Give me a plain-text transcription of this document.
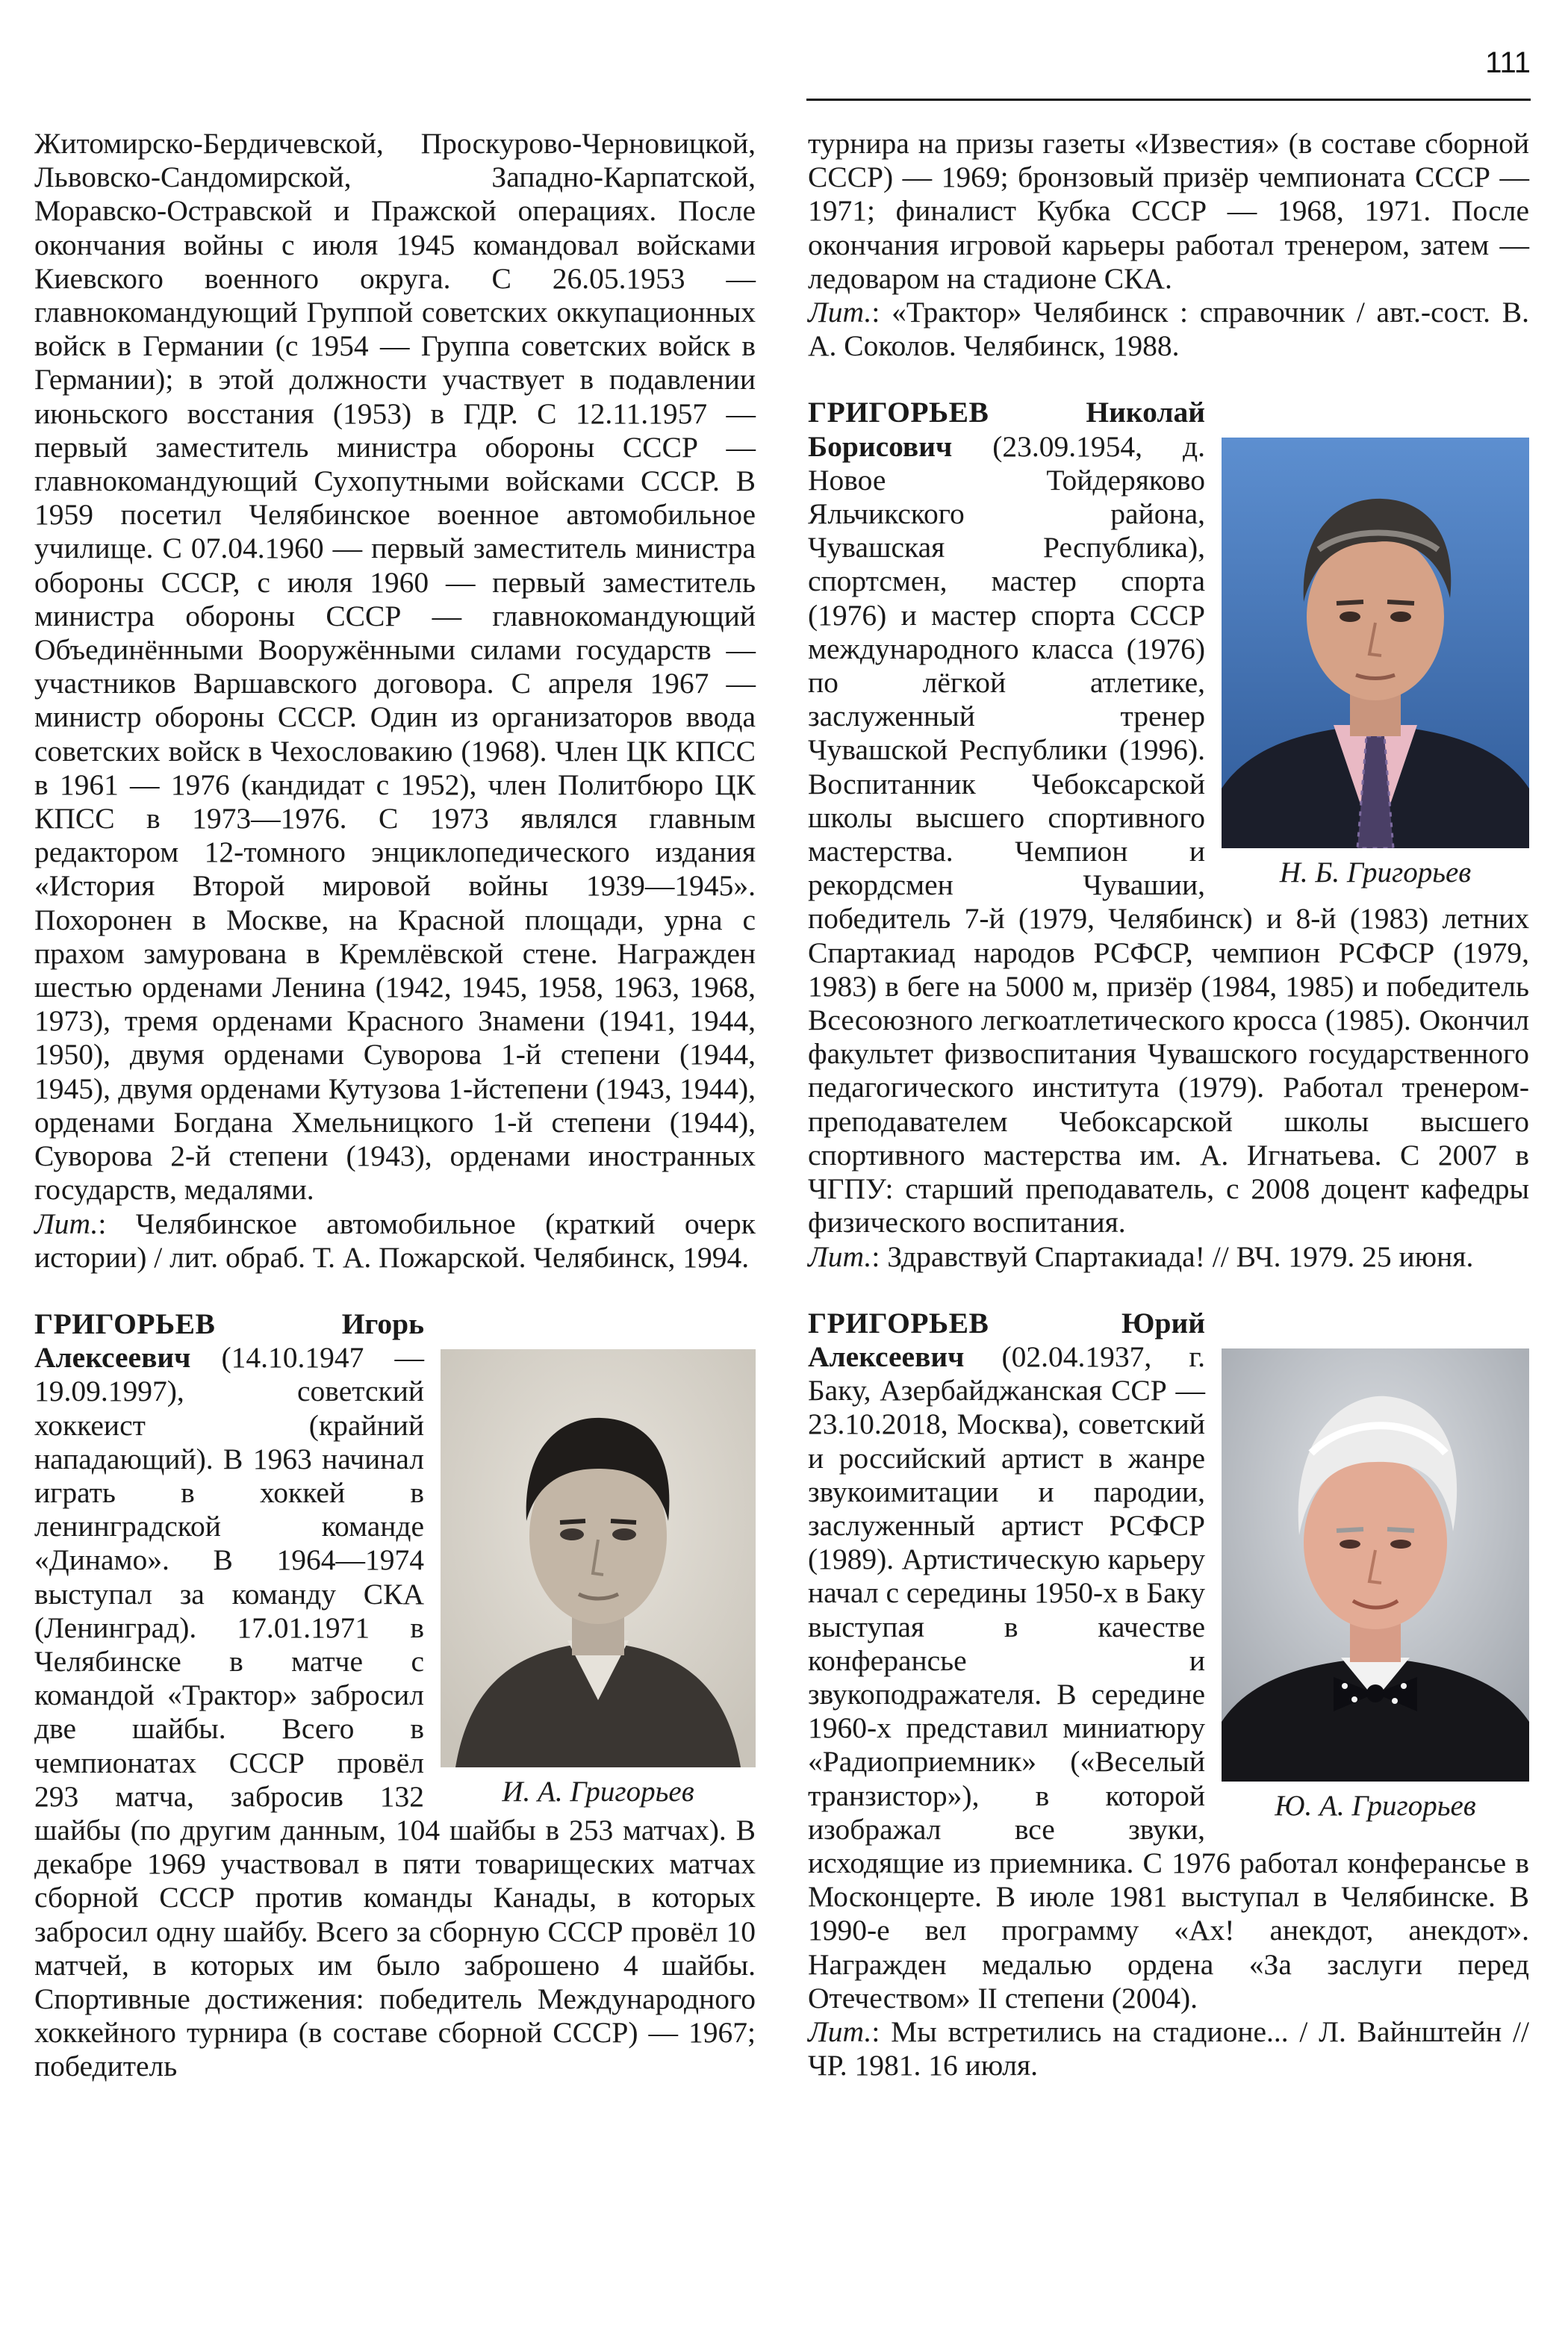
111

Житомирско-Бердичевской, Проскурово-Черновицкой, Львовско-Сандомирской, Западно-Карпатской, Моравско-Остравской и Пражской операциях. После окончания войны с июля 1945 командовал войсками Киевского военного округа. С 26.05.1953 — главнокомандующий Группой советских оккупационных войск в Германии (с 1954 — Группа советских войск в Германии); в этой должности участвует в подавлении июньского восстания (1953) в ГДР. С 12.11.1957 — первый заместитель министра обороны СССР — главнокомандующий Сухопутными войсками СССР. В 1959 посетил Челябинское военное автомобильное училище. С 07.04.1960 — первый заместитель министра обороны СССР, с июля 1960 — первый заместитель министра обороны СССР — главнокомандующий Объединёнными Вооружёнными силами государств — участников Варшавского договора. С апреля 1967 — министр обороны СССР. Один из организаторов ввода советских войск в Чехословакию (1968). Член ЦК КПСС в 1961 — 1976 (кандидат с 1952), член Политбюро ЦК КПСС в 1973—1976. С 1973 являлся главным редактором 12-томного энциклопедического издания «История Второй мировой войны 1939—1945». Похоронен в Москве, на Красной площади, урна с прахом замурована в Кремлёвской стене. Награжден шестью орденами Ленина (1942, 1945, 1958, 1963, 1968, 1973), тремя орденами Красного Знамени (1941, 1944, 1950), двумя орденами Суворова 1-й степени (1944, 1945), двумя орденами Кутузова 1-йстепени (1943, 1944), орденами Богдана Хмельницкого 1-й степени (1944), Суворова 2-й степени (1943), орденами иностранных государств, медалями.

Лит.: Челябинское автомобильное (краткий очерк истории) / лит. обраб. Т. А. Пожарской. Челябинск, 1994.

И. А. Григорьев
ГРИГОРЬЕВ	Игорь Алексеевич (14.10.1947 — 19.09.1997), советский хоккеист (крайний нападающий). В 1963 начинал играть в хоккей в ленинградской команде «Динамо». В 1964—1974 выступал за команду СКА (Ленинград). 17.01.1971 в Челябинске в матче с командой «Трактор» забросил две шайбы. Всего в чемпионатах СССР провёл 293 матча, забросив 132 шайбы (по другим данным, 104 шайбы в 253 матчах). В декабре 1969 участвовал в пяти товарищеских матчах сборной СССР против команды Канады, в которых забросил одну шайбу. Всего за сборную СССР провёл 10 матчей, в которых им было заброшено 4 шайбы. Спортивные достижения: победитель Международного хоккейного турнира (в составе сборной СССР) — 1967; победитель

турнира на призы газеты «Известия» (в составе сборной СССР) — 1969; бронзовый призёр чемпионата СССР — 1971; финалист Кубка СССР — 1968, 1971. После окончания игровой карьеры работал тренером, затем — ледоваром на стадионе СКА.

Лит.: «Трактор» Челябинск : справочник / авт.-сост. В. А. Соколов. Челябинск, 1988.

Н. Б. Григорьев
ГРИГОРЬЕВ	Николай Борисович (23.09.1954, д. Новое Тойдеряково Яльчикского района, Чувашская Республика), спортсмен, мастер спорта (1976) и мастер спорта СССР международного класса (1976) по лёгкой атлетике, заслуженный тренер Чувашской Республики (1996). Воспитанник Чебоксарской школы высшего спортивного мастерства. Чемпион и рекордсмен Чувашии, победитель 7-й (1979, Челябинск) и 8-й (1983) летних Спартакиад народов РСФСР, чемпион РСФСР (1979, 1983) в беге на 5000 м, призёр (1984, 1985) и победитель Всесоюзного легкоатлетического кросса (1985). Окончил факультет физвоспитания Чувашского государственного педагогического института (1979). Работал тренером-преподавателем Чебоксарской школы высшего спортивного мастерства им. А. Игнатьева. С 2007 в ЧГПУ: старший преподаватель, с 2008 доцент кафедры физического воспитания.

Лит.: Здравствуй Спартакиада! // ВЧ. 1979. 25 июня.

Ю. А. Григорьев
ГРИГОРЬЕВ	Юрий Алексеевич (02.04.1937, г. Баку, Азербайджанская ССР — 23.10.2018, Москва), советский и российский артист в жанре звукоимитации и пародии, заслуженный артист РСФСР (1989). Артистическую карьеру начал с середины 1950-х в Баку выступая в качестве конферансье и звукоподражателя. В середине 1960-х представил миниатюру «Радиоприемник» («Веселый транзистор»), в которой изображал все звуки, исходящие из приемника. С 1976 работал конферансье в Москонцерте. В июле 1981 выступал в Челябинске. В 1990-е вел программу «Ах! анекдот, анекдот». Награжден медалью ордена «За заслуги перед Отечеством» II степени (2004).

Лит.: Мы встретились на стадионе... / Л. Вайнштейн // ЧР. 1981. 16 июля.
